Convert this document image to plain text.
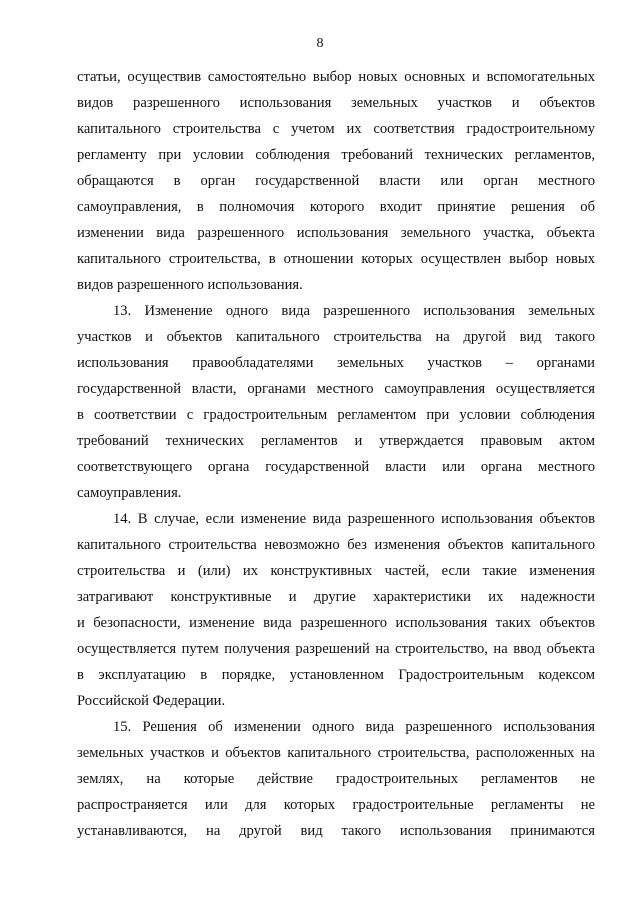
8
статьи, осуществив самостоятельно выбор новых основных и вспомогательных
видов разрешенного использования земельных участков и объектов
капитального строительства с учетом их соответствия градостроительному
регламенту при условии соблюдения требований технических регламентов,
обращаются в орган государственной власти или орган местного
самоуправления, в полномочия которого входит принятие решения об
изменении вида разрешенного использования земельного участка, объекта
капитального строительства, в отношении которых осуществлен выбор новых
видов разрешенного использования.
13. Изменение одного вида разрешенного использования земельных
участков и объектов капитального строительства на другой вид такого
использования правообладателями земельных участков – органами
государственной власти, органами местного самоуправления осуществляется
в соответствии с градостроительным регламентом при условии соблюдения
требований технических регламентов и утверждается правовым актом
соответствующего органа государственной власти или органа местного
самоуправления.
14. В случае, если изменение вида разрешенного использования объектов
капитального строительства невозможно без изменения объектов капитального
строительства и (или) их конструктивных частей, если такие изменения
затрагивают конструктивные и другие характеристики их надежности
и безопасности, изменение вида разрешенного использования таких объектов
осуществляется путем получения разрешений на строительство, на ввод объекта
в эксплуатацию в порядке, установленном Градостроительным кодексом
Российской Федерации.
15. Решения об изменении одного вида разрешенного использования
земельных участков и объектов капитального строительства, расположенных на
землях, на которые действие градостроительных регламентов не
распространяется или для которых градостроительные регламенты не
устанавливаются, на другой вид такого использования принимаются
